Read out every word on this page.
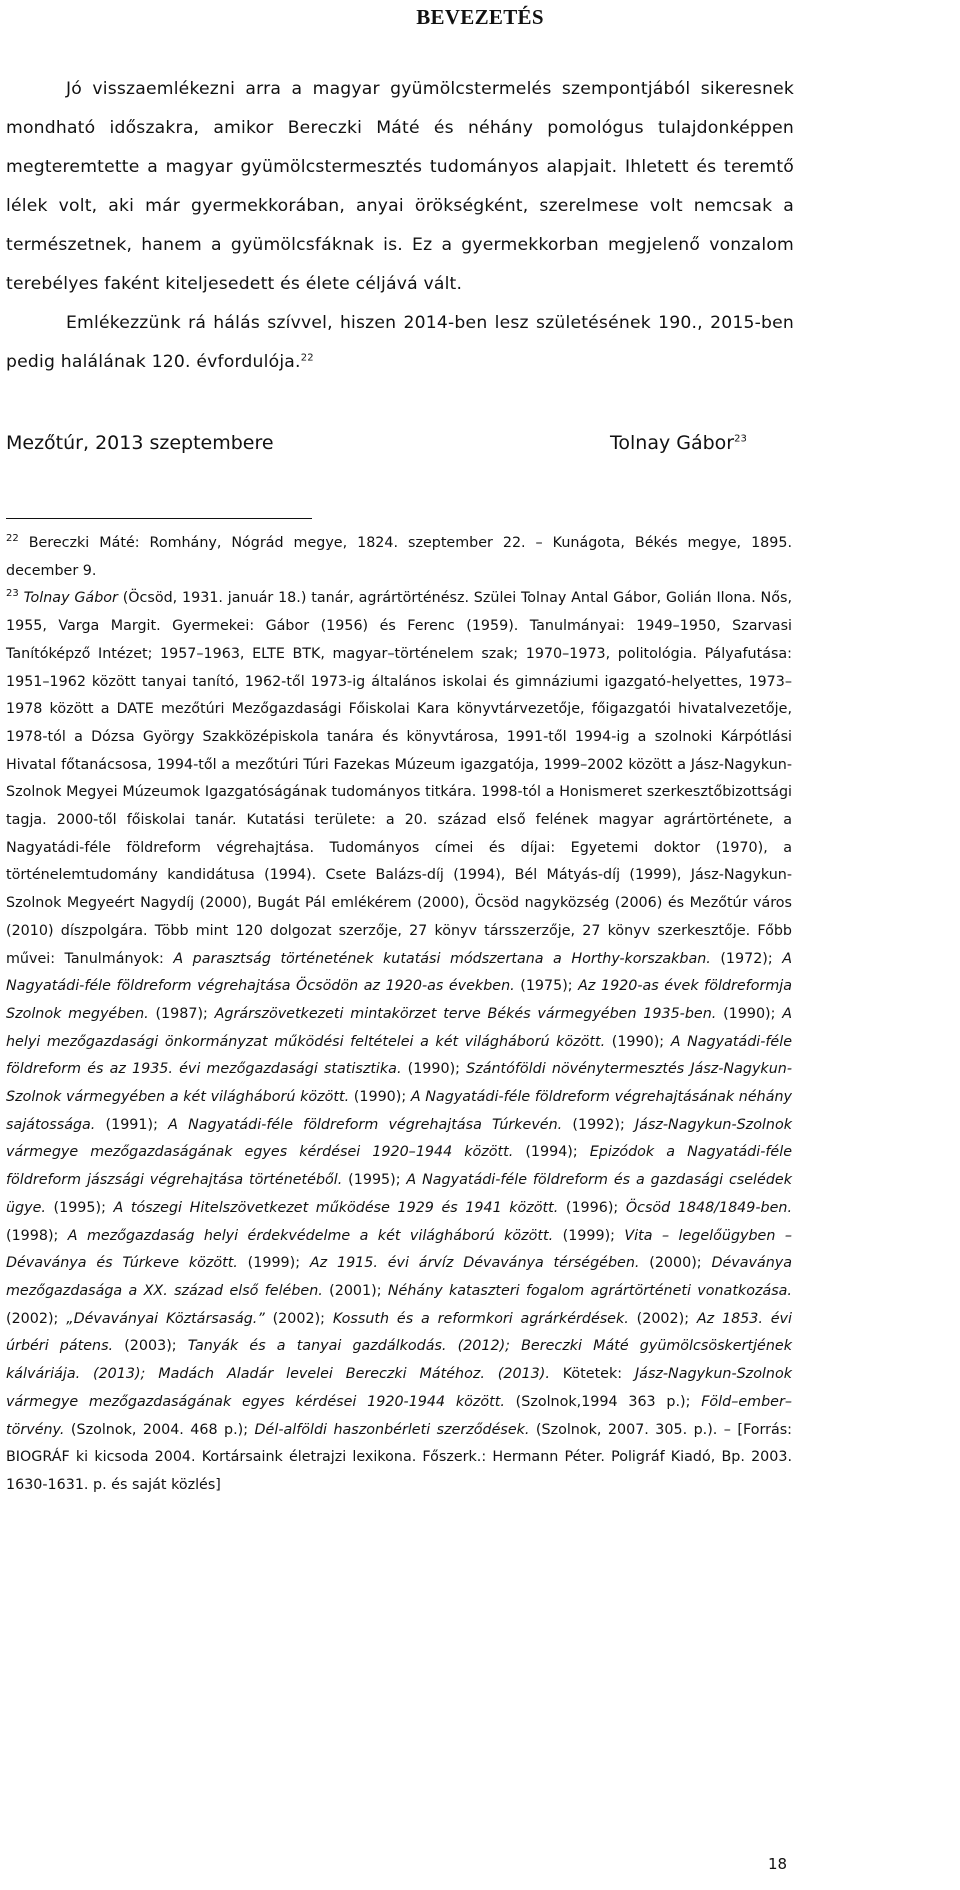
BEVEZETÉS

Jó visszaemlékezni arra a magyar gyümölcstermelés szempontjából sikeresnek mondható időszakra, amikor Bereczki Máté és néhány pomológus tulajdonképpen megteremtette a magyar gyümölcstermesztés tudományos alapjait. Ihletett és teremtő lélek volt, aki már gyermekkorában, anyai örökségként, szerelmese volt nemcsak a természetnek, hanem a gyümölcsfáknak is. Ez a gyermekkorban megjelenő vonzalom terebélyes faként kiteljesedett és élete céljává vált.

Emlékezzünk rá hálás szívvel, hiszen 2014-ben lesz születésének 190., 2015-ben pedig halálának 120. évfordulója.$^{22}$

Mezőtúr, 2013 szeptembere	Tolnay Gábor$^{23}$

$^{22}$ Bereczki Máté: Romhány, Nógrád megye, 1824. szeptember 22. – Kunágota, Békés megye, 1895. december 9.

$^{23}$ Tolnay Gábor (Öcsöd, 1931. január 18.) tanár, agrártörténész. Szülei Tolnay Antal Gábor, Golián Ilona. Nős, 1955, Varga Margit. Gyermekei: Gábor (1956) és Ferenc (1959). Tanulmányai: 1949–1950, Szarvasi Tanítóképző Intézet; 1957–1963, ELTE BTK, magyar–történelem szak; 1970–1973, politológia. Pályafutása: 1951–1962 között tanyai tanító, 1962-től 1973-ig általános iskolai és gimnáziumi igazgató-helyettes, 1973–1978 között a DATE mezőtúri Mezőgazdasági Főiskolai Kara könyvtárvezetője, főigazgatói hivatalvezetője, 1978-tól a Dózsa György Szakközépiskola tanára és könyvtárosa, 1991-től 1994-ig a szolnoki Kárpótlási Hivatal főtanácsosa, 1994-től a mezőtúri Túri Fazekas Múzeum igazgatója, 1999–2002 között a Jász-Nagykun-Szolnok Megyei Múzeumok Igazgatóságának tudományos titkára. 1998-tól a Honismeret szerkesztőbizottsági tagja. 2000-től főiskolai tanár. Kutatási területe: a 20. század első felének magyar agrártörténete, a Nagyatádi-féle földreform végrehajtása. Tudományos címei és díjai: Egyetemi doktor (1970), a történelemtudomány kandidátusa (1994). Csete Balázs-díj (1994), Bél Mátyás-díj (1999), Jász-Nagykun-Szolnok Megyeért Nagydíj (2000), Bugát Pál emlékérem (2000), Öcsöd nagyközség (2006) és Mezőtúr város (2010) díszpolgára. Több mint 120 dolgozat szerzője, 27 könyv társszerzője, 27 könyv szerkesztője. Főbb művei: Tanulmányok: A parasztság történetének kutatási módszertana a Horthy-korszakban. (1972); A Nagyatádi-féle földreform végrehajtása Öcsödön az 1920-as években. (1975); Az 1920-as évek földreformja Szolnok megyében. (1987); Agrárszövetkezeti mintakörzet terve Békés vármegyében 1935-ben. (1990); A helyi mezőgazdasági önkormányzat működési feltételei a két világháború között. (1990); A Nagyatádi-féle földreform és az 1935. évi mezőgazdasági statisztika. (1990); Szántóföldi növénytermesztés Jász-Nagykun-Szolnok vármegyében a két világháború között. (1990); A Nagyatádi-féle földreform végrehajtásának néhány sajátossága. (1991); A Nagyatádi-féle földreform végrehajtása Túrkevén. (1992); Jász-Nagykun-Szolnok vármegye mezőgazdaságának egyes kérdései 1920–1944 között. (1994); Epizódok a Nagyatádi-féle földreform jászsági végrehajtása történetéből. (1995); A Nagyatádi-féle földreform és a gazdasági cselédek ügye. (1995); A tószegi Hitelszövetkezet működése 1929 és 1941 között. (1996); Öcsöd 1848/1849-ben. (1998); A mezőgazdaság helyi érdekvédelme a két világháború között. (1999); Vita – legelőügyben – Dévaványa és Túrkeve között. (1999); Az 1915. évi árvíz Dévaványa térségében. (2000); Dévaványa mezőgazdasága a XX. század első felében. (2001); Néhány kataszteri fogalom agrártörténeti vonatkozása. (2002); „Dévaványai Köztársaság.” (2002); Kossuth és a reformkori agrárkérdések. (2002); Az 1853. évi úrbéri pátens. (2003); Tanyák és a tanyai gazdálkodás. (2012); Bereczki Máté gyümölcsöskertjének kálváriája. (2013); Madách Aladár levelei Bereczki Mátéhoz. (2013). Kötetek: Jász-Nagykun-Szolnok vármegye mezőgazdaságának egyes kérdései 1920-1944 között. (Szolnok,1994 363 p.); Föld–ember–törvény. (Szolnok, 2004. 468 p.); Dél-alföldi haszonbérleti szerződések. (Szolnok, 2007. 305. p.). – [Forrás: BIOGRÁF ki kicsoda 2004. Kortársaink életrajzi lexikona. Főszerk.: Hermann Péter. Poligráf Kiadó, Bp. 2003. 1630-1631. p. és saját közlés]

18
